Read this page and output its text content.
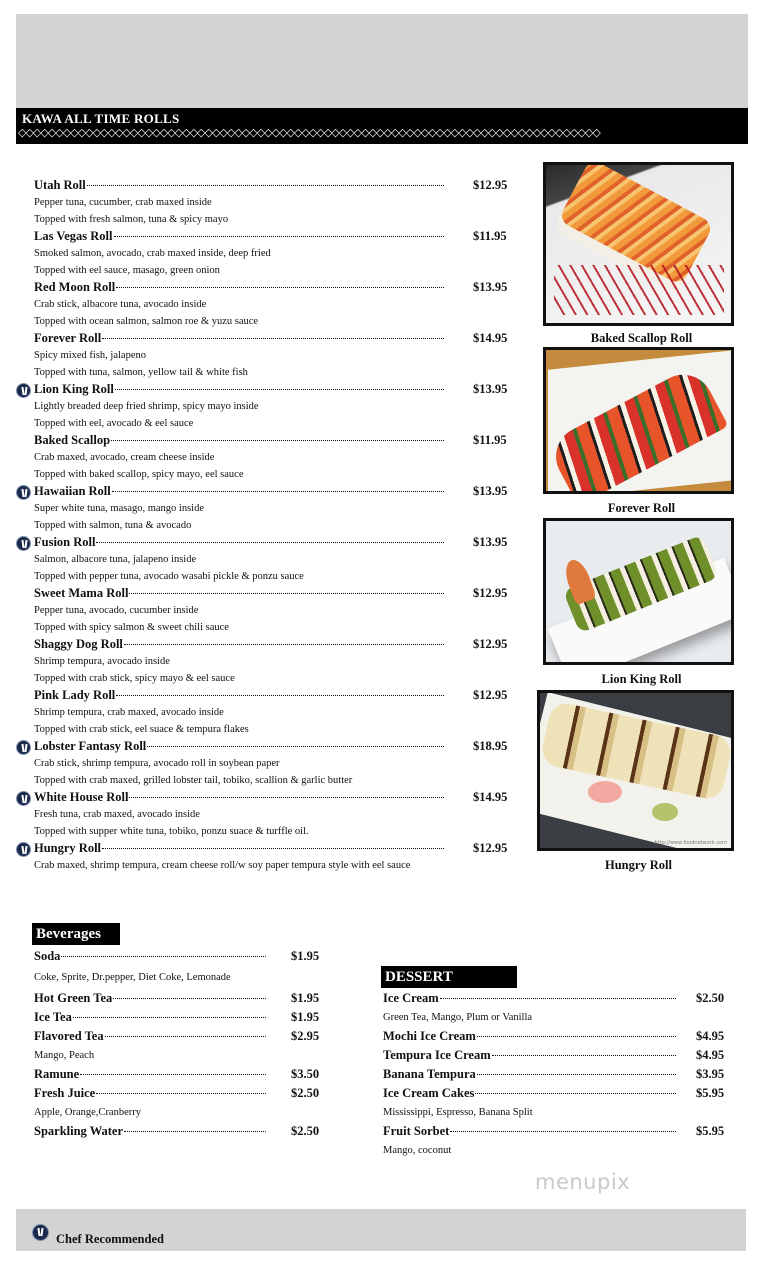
KAWA ALL TIME ROLLS
◇◇◇◇◇◇◇◇◇◇◇◇◇◇◇◇◇◇◇◇◇◇◇◇◇◇◇◇◇◇◇◇◇◇◇◇◇◇◇◇◇◇◇◇◇◇◇◇◇◇◇◇◇◇◇◇◇◇◇◇◇◇◇◇◇◇◇◇◇◇◇◇◇◇◇◇◇◇
Utah Roll	$12.95
Pepper tuna, cucumber, crab maxed inside
Topped with fresh salmon, tuna & spicy mayo
Las Vegas Roll	$11.95
Smoked salmon, avocado, crab maxed inside, deep fried
Topped with eel sauce, masago, green onion
Red Moon Roll	$13.95
Crab stick, albacore tuna, avocado inside
Topped with ocean salmon, salmon roe & yuzu sauce
Forever Roll	$14.95
Spicy mixed fish, jalapeno
Topped with tuna, salmon, yellow tail & white fish
Lion King Roll	$13.95
Lightly breaded deep fried shrimp, spicy mayo inside
Topped with eel, avocado & eel sauce
Baked Scallop	$11.95
Crab maxed, avocado, cream cheese inside
Topped with baked scallop, spicy mayo, eel sauce
Hawaiian Roll	$13.95
Super white tuna, masago, mango inside
Topped with salmon, tuna & avocado
Fusion Roll	$13.95
Salmon, albacore tuna, jalapeno inside
Topped with pepper tuna, avocado wasabi pickle & ponzu sauce
Sweet Mama Roll	$12.95
Pepper tuna, avocado, cucumber inside
Topped with spicy salmon & sweet chili sauce
Shaggy Dog Roll	$12.95
Shrimp tempura, avocado inside
Topped with crab stick, spicy mayo & eel sauce
Pink Lady Roll	$12.95
Shrimp tempura, crab maxed, avocado inside
Topped with crab stick, eel suace & tempura flakes
Lobster Fantasy Roll	$18.95
Crab stick, shrimp tempura, avocado roll in soybean paper
Topped with crab maxed, grilled lobster tail, tobiko, scallion & garlic butter
White House Roll	$14.95
Fresh tuna, crab maxed, avocado inside
Topped with supper white tuna, tobiko, ponzu suace & turffle oil.
Hungry Roll	$12.95
Crab maxed, shrimp tempura, cream cheese roll/w soy paper tempura style with eel sauce
Baked Scallop Roll
Forever Roll
Lion King Roll
http://www.foodnetwork.com
Hungry Roll
Beverages
Soda	$1.95
Coke, Sprite, Dr.pepper, Diet Coke, Lemonade
Hot Green Tea	$1.95
Ice Tea	$1.95
Flavored Tea	$2.95
Mango, Peach
Ramune	$3.50
Fresh Juice	$2.50
Apple, Orange,Cranberry
Sparkling Water	$2.50
DESSERT
Ice Cream	$2.50
Green Tea, Mango, Plum or Vanilla
Mochi Ice Cream	$4.95
Tempura Ice Cream	$4.95
Banana Tempura	$3.95
Ice Cream Cakes	$5.95
Mississippi, Espresso, Banana Split
Fruit Sorbet	$5.95
Mango, coconut
menupix
Chef Recommended
